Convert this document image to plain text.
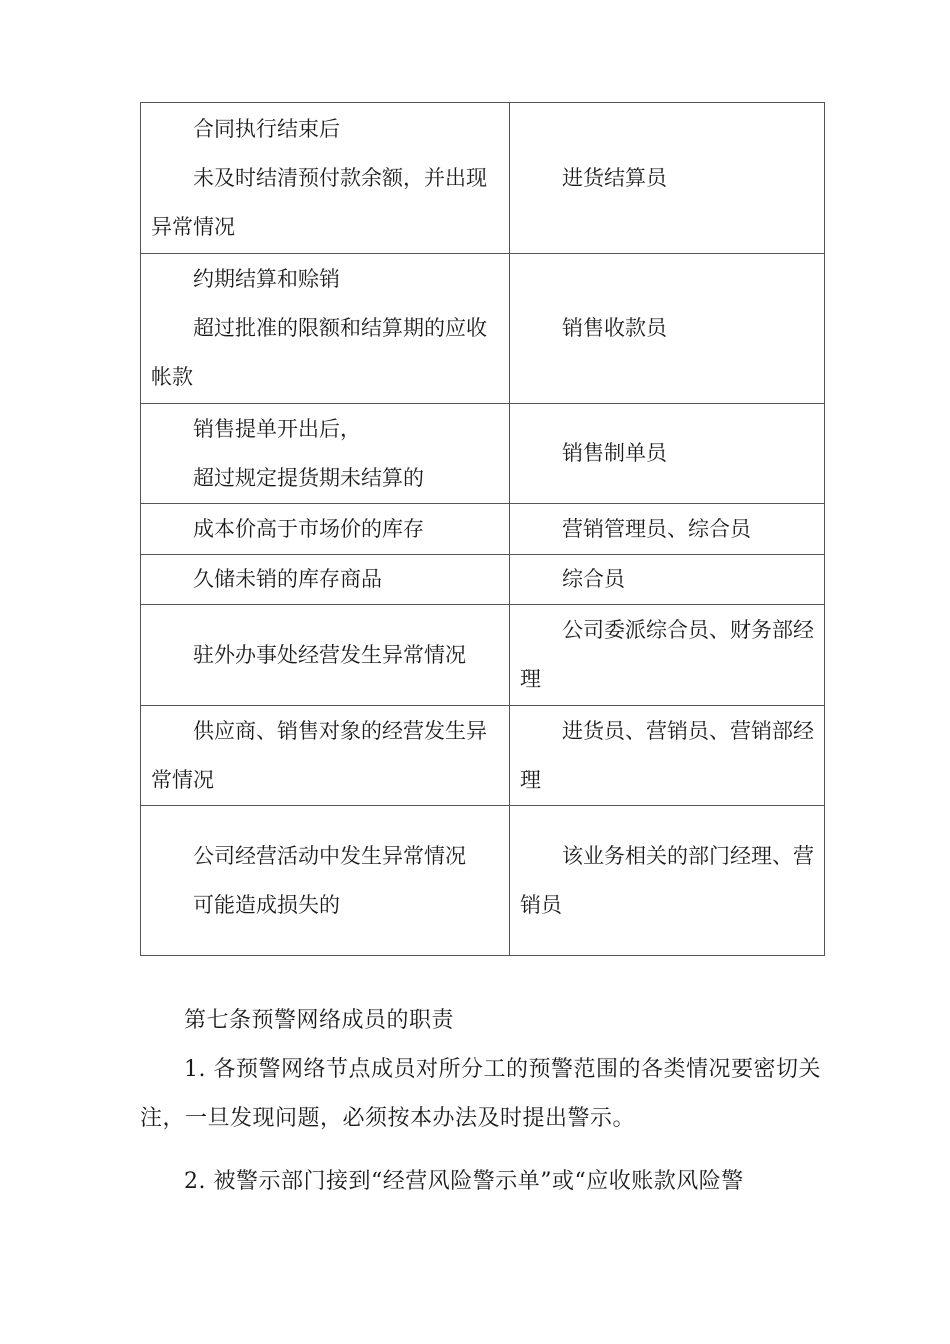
合同执行结束后
未及时结清预付款余额，并出现异常情况	进货结算员

约期结算和赊销
超过批准的限额和结算期的应收帐款	销售收款员

销售提单开出后，
超过规定提货期未结算的	销售制单员

成本价高于市场价的库存	营销管理员、综合员

久储未销的库存商品	综合员

驻外办事处经营发生异常情况	公司委派综合员、财务部经理

供应商、销售对象的经营发生异常情况	进货员、营销员、营销部经理

公司经营活动中发生异常情况
可能造成损失的	该业务相关的部门经理、营销员

第七条预警网络成员的职责

1. 各预警网络节点成员对所分工的预警范围的各类情况要密切关注，一旦发现问题，必须按本办法及时提出警示。

2. 被警示部门接到“经营风险警示单”或“应收账款风险警
